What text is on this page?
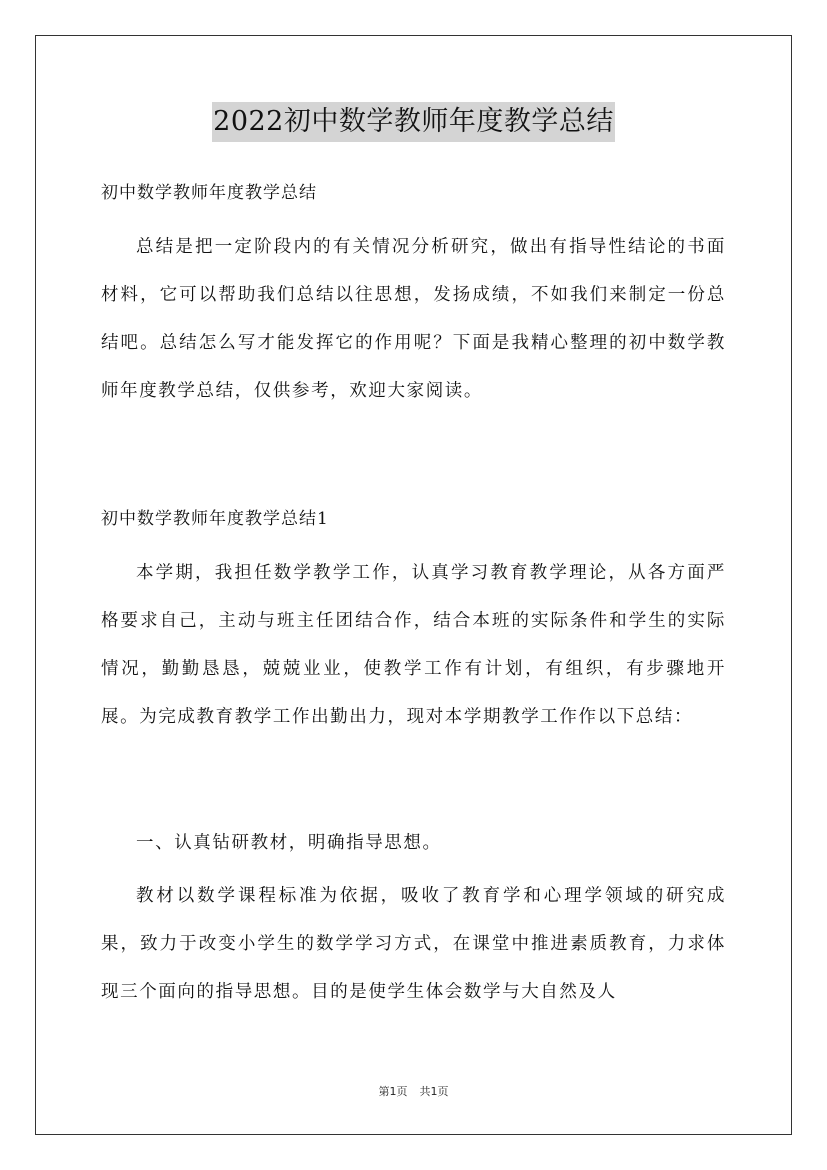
2022初中数学教师年度教学总结
初中数学教师年度教学总结

总结是把一定阶段内的有关情况分析研究，做出有指导性结论的书面材料，它可以帮助我们总结以往思想，发扬成绩，不如我们来制定一份总结吧。总结怎么写才能发挥它的作用呢？下面是我精心整理的初中数学教师年度教学总结，仅供参考，欢迎大家阅读。

初中数学教师年度教学总结1

本学期，我担任数学教学工作，认真学习教育教学理论，从各方面严格要求自己，主动与班主任团结合作，结合本班的实际条件和学生的实际情况，勤勤恳恳，兢兢业业，使教学工作有计划，有组织，有步骤地开展。为完成教育教学工作出勤出力，现对本学期教学工作作以下总结：

一、认真钻研教材，明确指导思想。

教材以数学课程标准为依据，吸收了教育学和心理学领域的研究成果，致力于改变小学生的数学学习方式，在课堂中推进素质教育，力求体现三个面向的指导思想。目的是使学生体会数学与大自然及人

第1页 共1页
